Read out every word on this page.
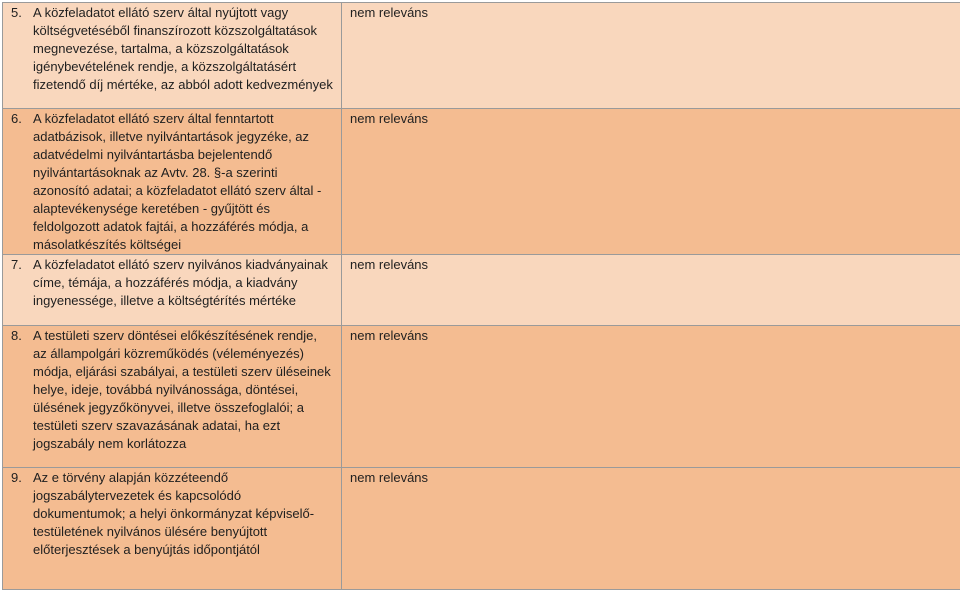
5. A közfeladatot ellátó szerv által nyújtott vagy költségvetéséből finanszírozott közszolgáltatások megnevezése, tartalma, a közszolgáltatások igénybevételének rendje, a közszolgáltatásért fizetendő díj mértéke, az abból adott kedvezmények	nem releváns

6. A közfeladatot ellátó szerv által fenntartott adatbázisok, illetve nyilvántartások jegyzéke, az adatvédelmi nyilvántartásba bejelentendő nyilvántartásoknak az Avtv. 28. §-a szerinti azonosító adatai; a közfeladatot ellátó szerv által - alaptevékenysége keretében - gyűjtött és feldolgozott adatok fajtái, a hozzáférés módja, a másolatkészítés költségei	nem releváns

7. A közfeladatot ellátó szerv nyilvános kiadványainak címe, témája, a hozzáférés módja, a kiadvány ingyenessége, illetve a költségtérítés mértéke	nem releváns

8. A testületi szerv döntései előkészítésének rendje, az állampolgári közreműködés (véleményezés) módja, eljárási szabályai, a testületi szerv üléseinek helye, ideje, továbbá nyilvánossága, döntései, ülésének jegyzőkönyvei, illetve összefoglalói; a testületi szerv szavazásának adatai, ha ezt jogszabály nem korlátozza	nem releváns

9. Az e törvény alapján közzéteendő jogszabálytervezetek és kapcsolódó dokumentumok; a helyi önkormányzat képviselő-testületének nyilvános ülésére benyújtott előterjesztések a benyújtás időpontjától	nem releváns
